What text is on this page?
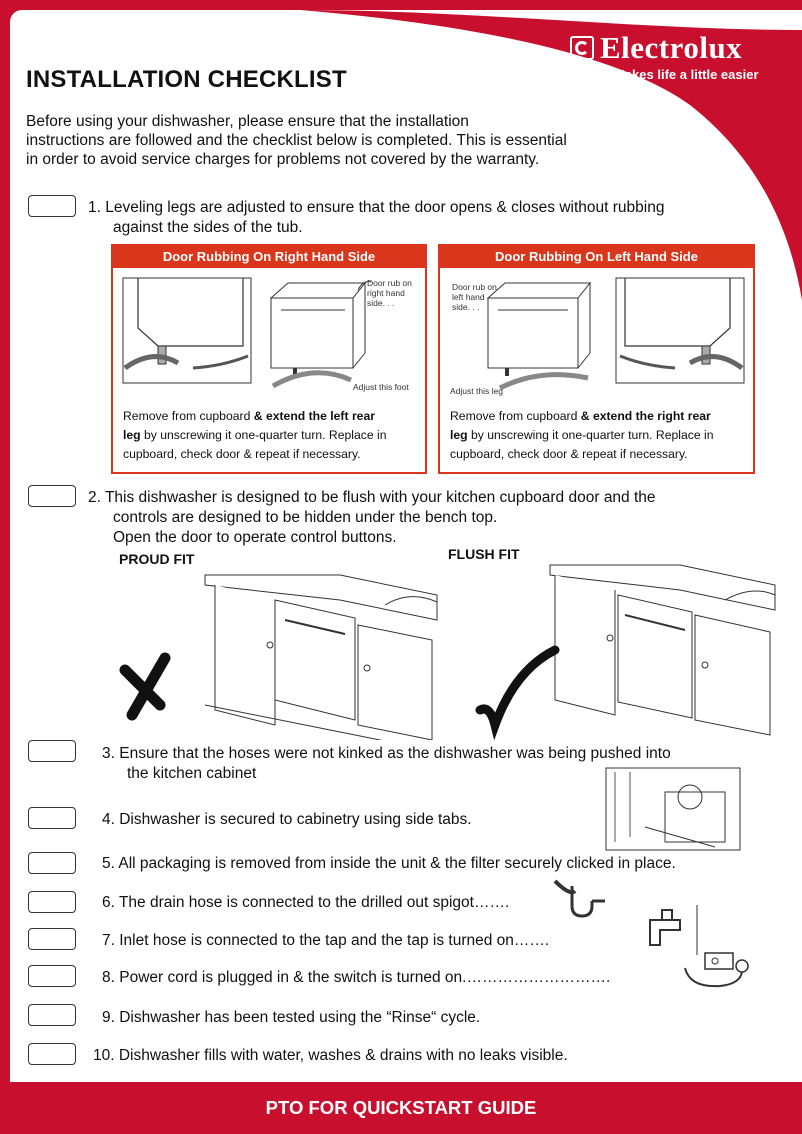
Electrolux
Makes life a little easier
INSTALLATION CHECKLIST
Before using your dishwasher, please ensure that the installation
instructions are followed and the checklist below is completed. This is essential
in order to avoid service charges for problems not covered by the warranty.
1. Leveling legs are adjusted to ensure that the door opens & closes without rubbing
against the sides of the tub.
Door Rubbing On Right Hand Side
Door rub on
right hand
side. . .
Adjust this foot
Remove from cupboard & extend the left rear
leg by unscrewing it one-quarter turn. Replace in
cupboard, check door & repeat if necessary.
Door Rubbing On Left Hand Side
Door rub on
left hand
side. . .
Adjust this leg
Remove from cupboard & extend the right rear
leg by unscrewing it one-quarter turn. Replace in
cupboard, check door & repeat if necessary.
2. This dishwasher is designed to be flush with your kitchen cupboard door and the
controls are designed to be hidden under the bench top.
Open the door to operate control buttons.
PROUD FIT	FLUSH FIT
3. Ensure that the hoses were not kinked as the dishwasher was being pushed into
the kitchen cabinet
4. Dishwasher is secured to cabinetry using side tabs.
5. All packaging is removed from inside the unit & the filter securely clicked in place.
6. The drain hose is connected to the drilled out spigot…….
7. Inlet hose is connected to the tap and the tap is turned on…….
8. Power cord is plugged in & the switch is turned on.……………………….
9. Dishwasher has been tested using the “Rinse“ cycle.
10. Dishwasher fills with water, washes & drains with no leaks visible.
PTO FOR QUICKSTART GUIDE
